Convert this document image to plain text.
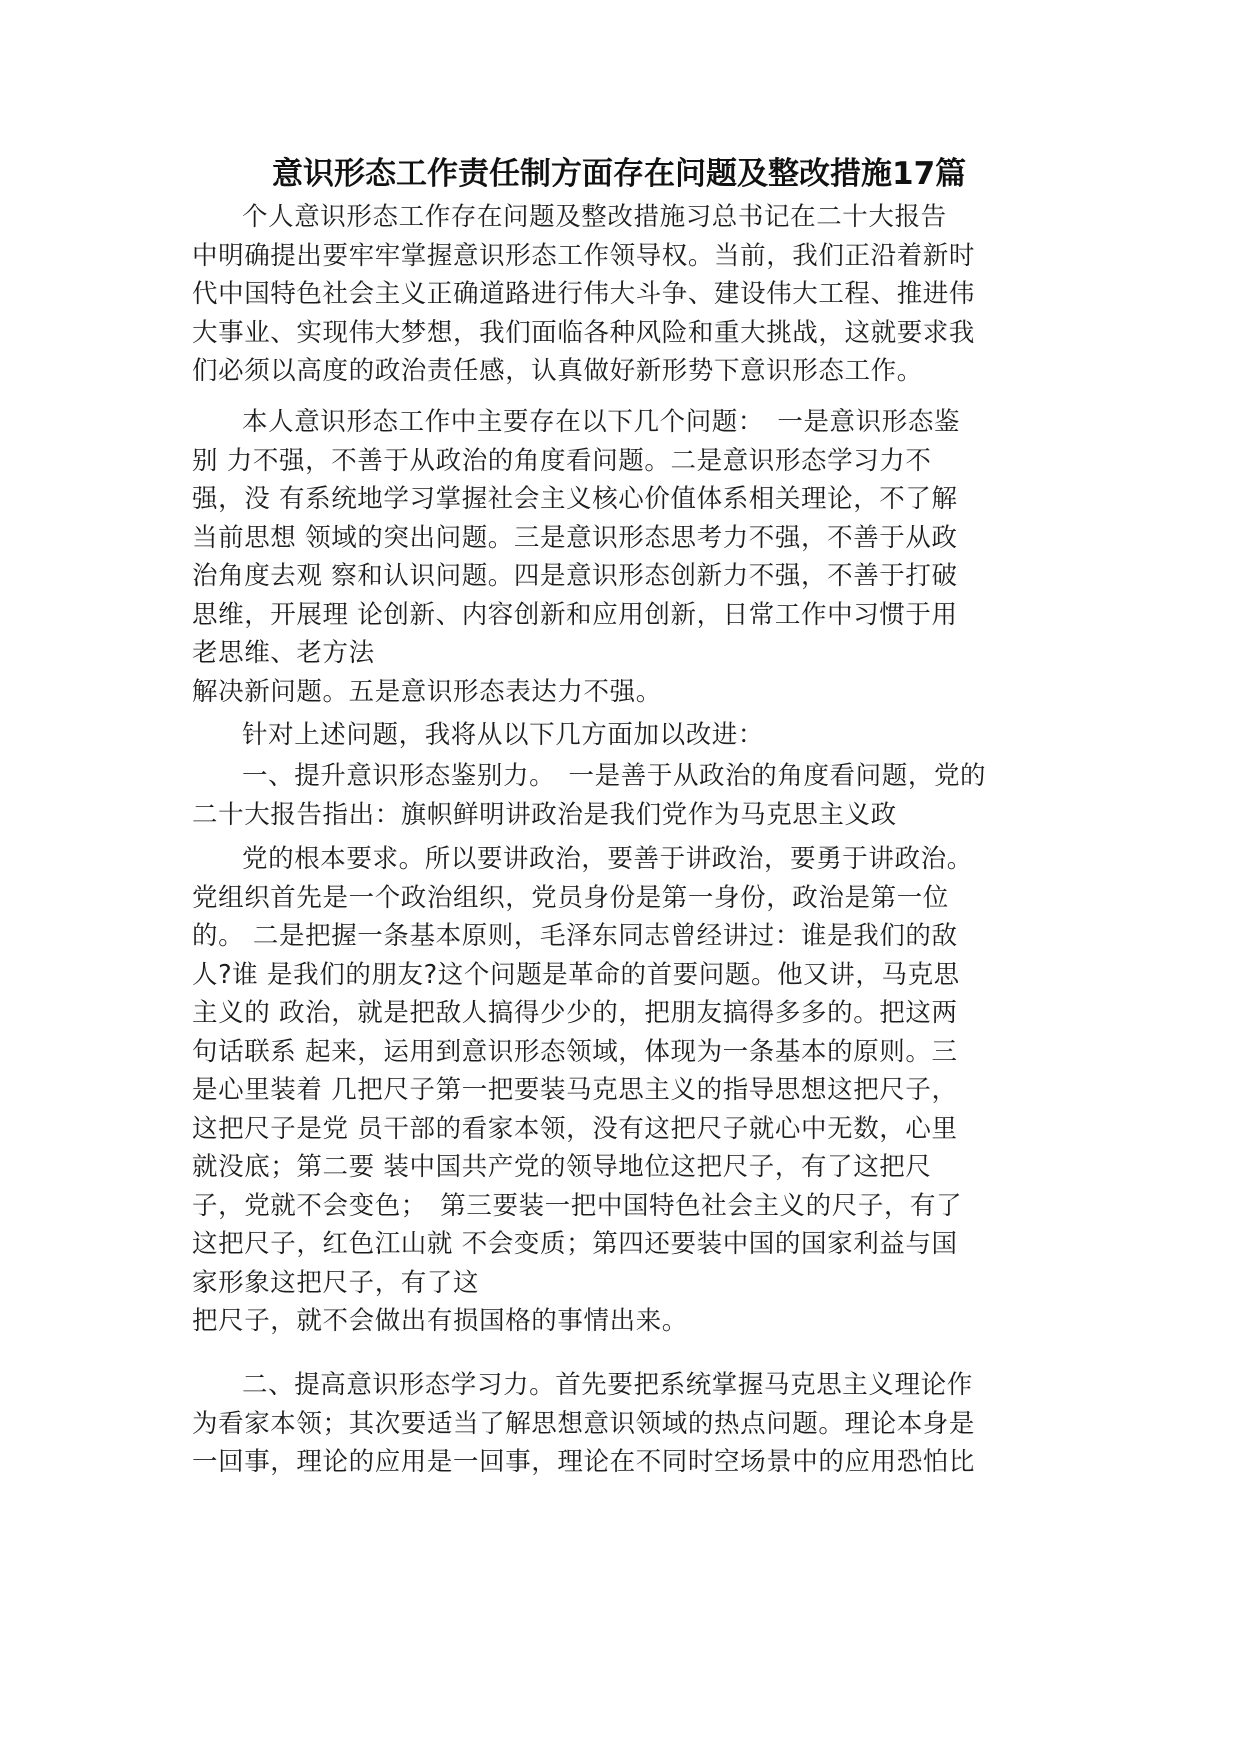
意识形态工作责任制方面存在问题及整改措施17篇
个人意识形态工作存在问题及整改措施习总书记在二十大报告
中明确提出要牢牢掌握意识形态工作领导权。当前，我们正沿着新时
代中国特色社会主义正确道路进行伟大斗争、建设伟大工程、推进伟
大事业、实现伟大梦想，我们面临各种风险和重大挑战，这就要求我
们必须以高度的政治责任感，认真做好新形势下意识形态工作。
本人意识形态工作中主要存在以下几个问题：　一是意识形态鉴
别 力不强，不善于从政治的角度看问题。二是意识形态学习力不
强，没 有系统地学习掌握社会主义核心价值体系相关理论，不了解
当前思想 领域的突出问题。三是意识形态思考力不强，不善于从政
治角度去观 察和认识问题。四是意识形态创新力不强，不善于打破
思维，开展理 论创新、内容创新和应用创新，日常工作中习惯于用
老思维、老方法
解决新问题。五是意识形态表达力不强。
针对上述问题，我将从以下几方面加以改进：
一、提升意识形态鉴别力。　一是善于从政治的角度看问题，党的
二十大报告指出：旗帜鲜明讲政治是我们党作为马克思主义政
党的根本要求。所以要讲政治，要善于讲政治，要勇于讲政治。
党组织首先是一个政治组织，党员身份是第一身份，政治是第一位
的。 二是把握一条基本原则，毛泽东同志曾经讲过：谁是我们的敌
人?谁 是我们的朋友?这个问题是革命的首要问题。他又讲，马克思
主义的 政治，就是把敌人搞得少少的，把朋友搞得多多的。把这两
句话联系 起来，运用到意识形态领域，体现为一条基本的原则。三
是心里装着 几把尺子第一把要装马克思主义的指导思想这把尺子，
这把尺子是党 员干部的看家本领，没有这把尺子就心中无数，心里
就没底；第二要 装中国共产党的领导地位这把尺子，有了这把尺
子，党就不会变色；　第三要装一把中国特色社会主义的尺子，有了
这把尺子，红色江山就 不会变质；第四还要装中国的国家利益与国
家形象这把尺子，有了这
把尺子，就不会做出有损国格的事情出来。
二、提高意识形态学习力。首先要把系统掌握马克思主义理论作
为看家本领；其次要适当了解思想意识领域的热点问题。理论本身是
一回事，理论的应用是一回事，理论在不同时空场景中的应用恐怕比
